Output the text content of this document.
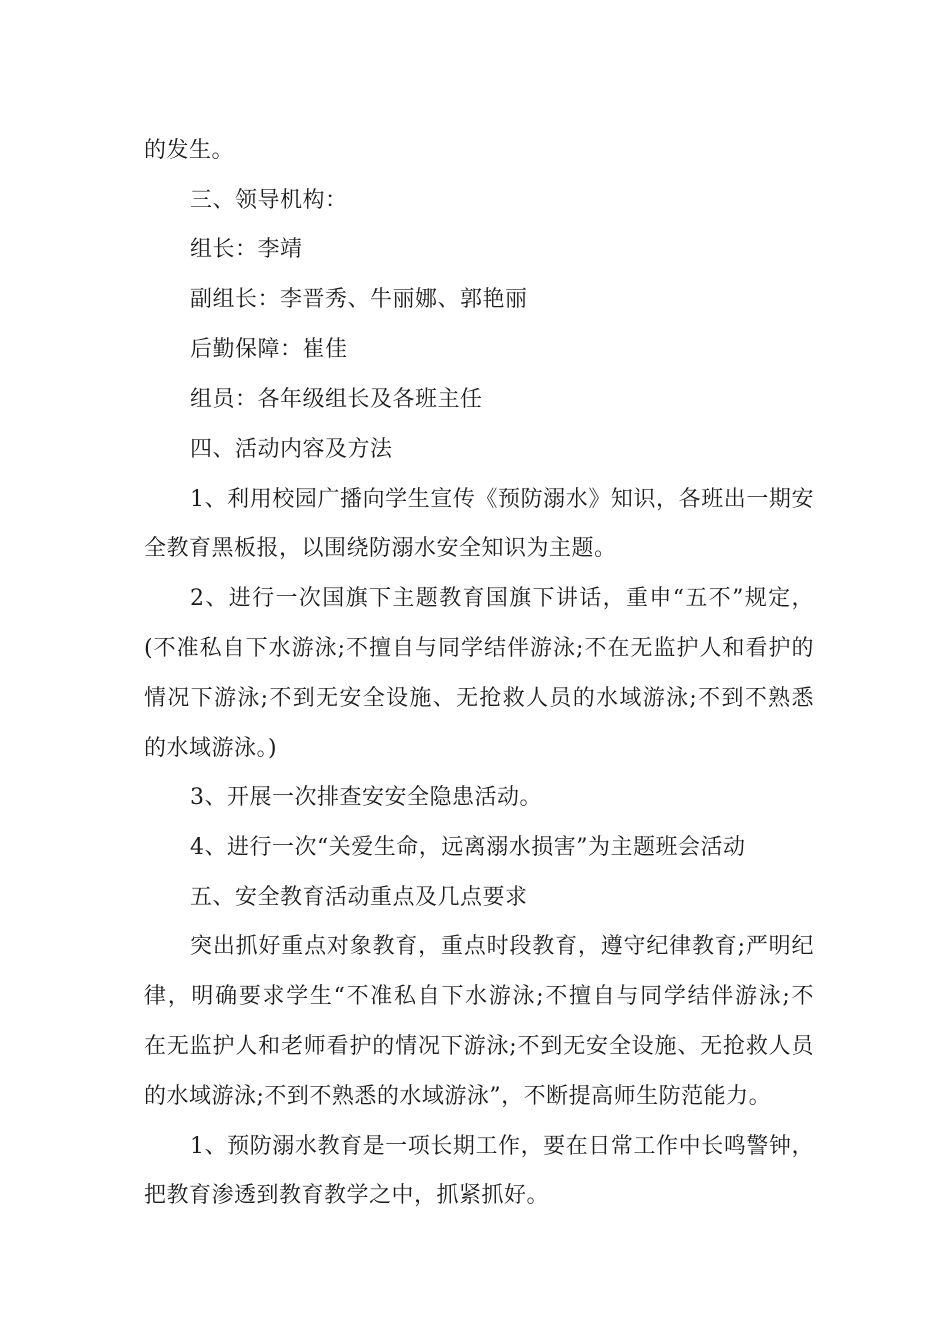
的发生。
三、领导机构：
组长：李靖
副组长：李晋秀、牛丽娜、郭艳丽
后勤保障：崔佳
组员：各年级组长及各班主任
四、活动内容及方法
1、利用校园广播向学生宣传《预防溺水》知识，各班出一期安
全教育黑板报，以围绕防溺水安全知识为主题。
2、进行一次国旗下主题教育国旗下讲话，重申“五不”规定，
(不准私自下水游泳;不擅自与同学结伴游泳;不在无监护人和看护的
情况下游泳;不到无安全设施、无抢救人员的水域游泳;不到不熟悉
的水域游泳。)
3、开展一次排查安安全隐患活动。
4、进行一次“关爱生命，远离溺水损害”为主题班会活动
五、安全教育活动重点及几点要求
突出抓好重点对象教育，重点时段教育，遵守纪律教育;严明纪
律，明确要求学生“不准私自下水游泳;不擅自与同学结伴游泳;不
在无监护人和老师看护的情况下游泳;不到无安全设施、无抢救人员
的水域游泳;不到不熟悉的水域游泳”，不断提高师生防范能力。
1、预防溺水教育是一项长期工作，要在日常工作中长鸣警钟，
把教育渗透到教育教学之中，抓紧抓好。
